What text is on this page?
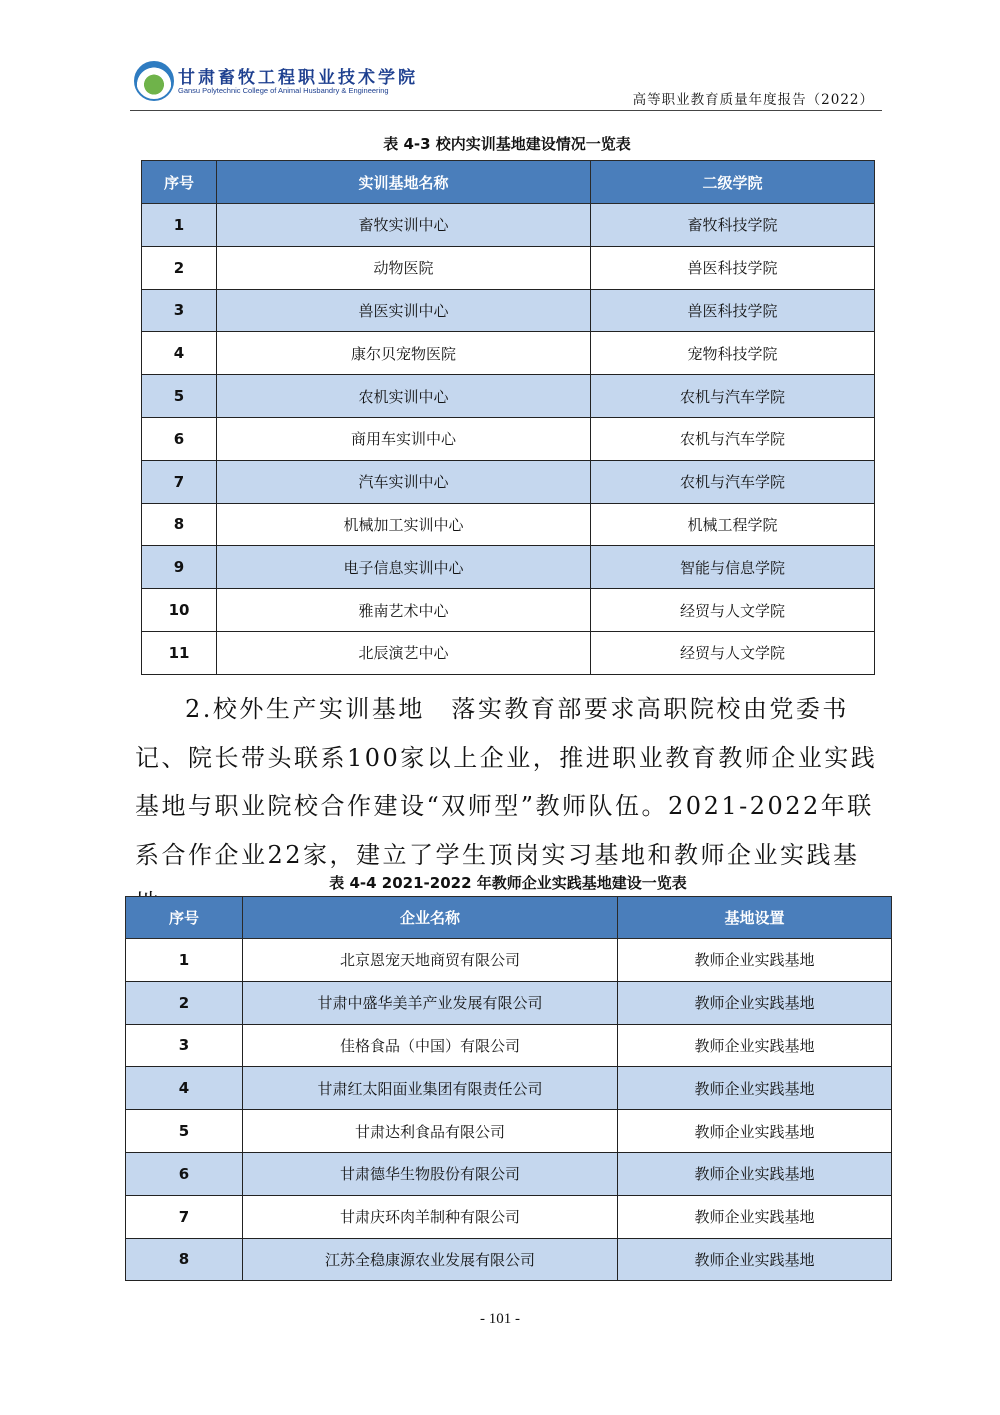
甘肃畜牧工程职业技术学院
Gansu Polytechnic College of Animal Husbandry & Engineering
高等职业教育质量年度报告（2022）
表 4-3 校内实训基地建设情况一览表
序号	实训基地名称	二级学院
1	畜牧实训中心	畜牧科技学院
2	动物医院	兽医科技学院
3	兽医实训中心	兽医科技学院
4	康尔贝宠物医院	宠物科技学院
5	农机实训中心	农机与汽车学院
6	商用车实训中心	农机与汽车学院
7	汽车实训中心	农机与汽车学院
8	机械加工实训中心	机械工程学院
9	电子信息实训中心	智能与信息学院
10	雅南艺术中心	经贸与人文学院
11	北辰演艺中心	经贸与人文学院

2.校外生产实训基地　落实教育部要求高职院校由党委书记、院长带头联系100家以上企业，推进职业教育教师企业实践基地与职业院校合作建设“双师型”教师队伍。2021-2022年联系合作企业22家，建立了学生顶岗实习基地和教师企业实践基

表 4-4 2021-2022 年教师企业实践基地建设一览表
序号	企业名称	基地设置
1	北京恩宠天地商贸有限公司	教师企业实践基地
2	甘肃中盛华美羊产业发展有限公司	教师企业实践基地
3	佳格食品（中国）有限公司	教师企业实践基地
4	甘肃红太阳面业集团有限责任公司	教师企业实践基地
5	甘肃达利食品有限公司	教师企业实践基地
6	甘肃德华生物股份有限公司	教师企业实践基地
7	甘肃庆环肉羊制种有限公司	教师企业实践基地
8	江苏全稳康源农业发展有限公司	教师企业实践基地
- 101 -
